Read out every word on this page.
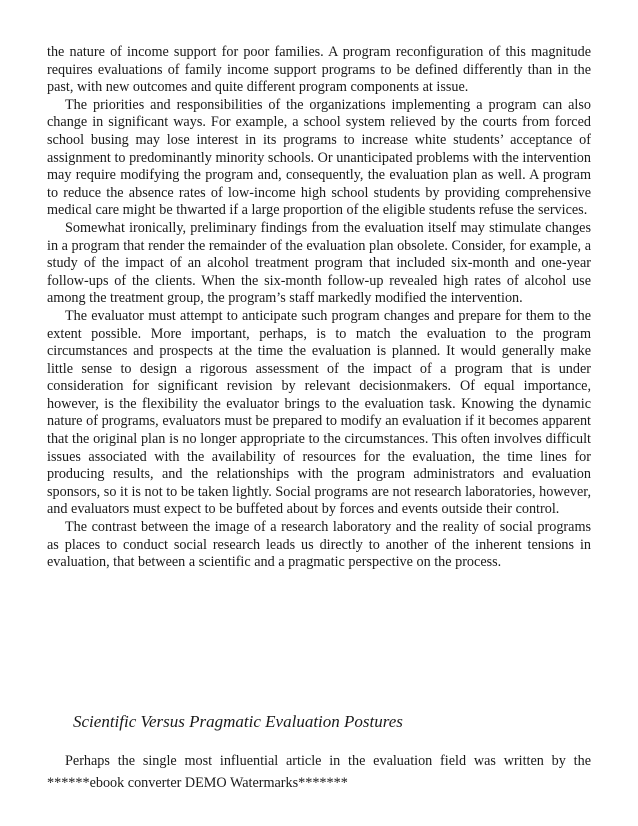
the nature of income support for poor families. A program reconfiguration of this magnitude requires evaluations of family income support programs to be defined differently than in the past, with new outcomes and quite different program components at issue.

The priorities and responsibilities of the organizations implementing a program can also change in significant ways. For example, a school system relieved by the courts from forced school busing may lose interest in its programs to increase white students’ acceptance of assignment to predominantly minority schools. Or unanticipated problems with the intervention may require modifying the program and, consequently, the evaluation plan as well. A program to reduce the absence rates of low-income high school students by providing comprehensive medical care might be thwarted if a large proportion of the eligible students refuse the services.

Somewhat ironically, preliminary findings from the evaluation itself may stimulate changes in a program that render the remainder of the evaluation plan obsolete. Consider, for example, a study of the impact of an alcohol treatment program that included six-month and one-year follow-ups of the clients. When the six-month follow-up revealed high rates of alcohol use among the treatment group, the program’s staff markedly modified the intervention.

The evaluator must attempt to anticipate such program changes and prepare for them to the extent possible. More important, perhaps, is to match the evaluation to the program circumstances and prospects at the time the evaluation is planned. It would generally make little sense to design a rigorous assessment of the impact of a program that is under consideration for significant revision by relevant decisionmakers. Of equal importance, however, is the flexibility the evaluator brings to the evaluation task. Knowing the dynamic nature of programs, evaluators must be prepared to modify an evaluation if it becomes apparent that the original plan is no longer appropriate to the circumstances. This often involves difficult issues associated with the availability of resources for the evaluation, the time lines for producing results, and the relationships with the program administrators and evaluation sponsors, so it is not to be taken lightly. Social programs are not research laboratories, however, and evaluators must expect to be buffeted about by forces and events outside their control.

The contrast between the image of a research laboratory and the reality of social programs as places to conduct social research leads us directly to another of the inherent tensions in evaluation, that between a scientific and a pragmatic perspective on the process.

Scientific Versus Pragmatic Evaluation Postures

Perhaps the single most influential article in the evaluation field was written by the

******ebook converter DEMO Watermarks*******
